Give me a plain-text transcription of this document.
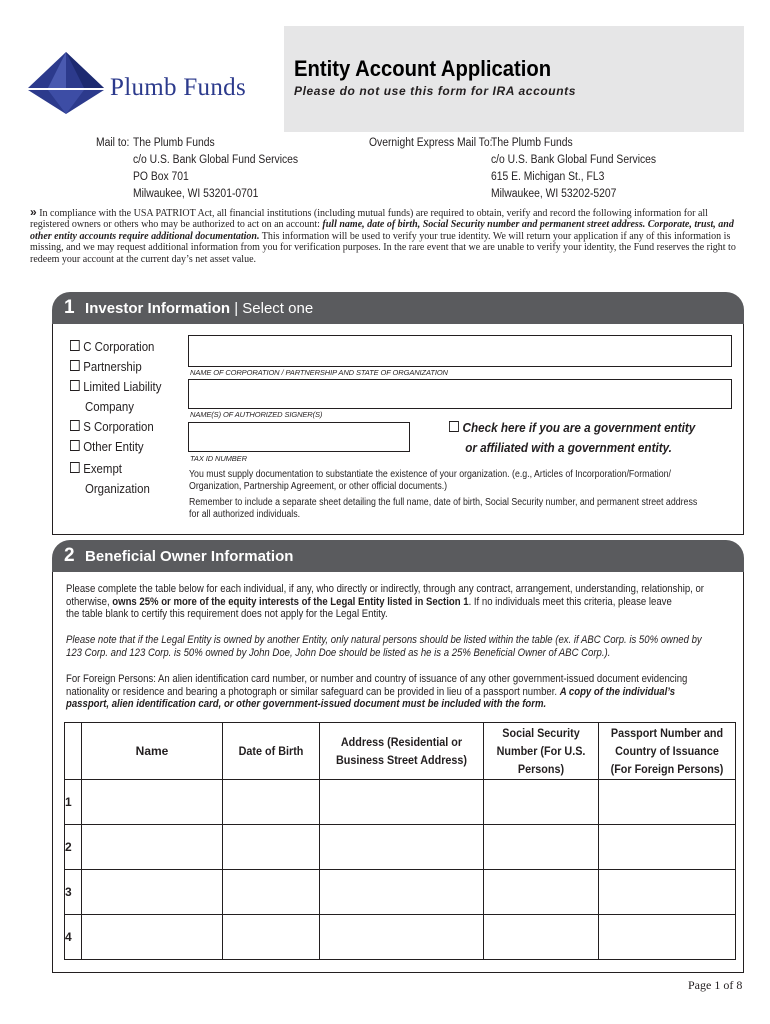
Plumb Funds
Entity Account Application
Please do not use this form for IRA accounts
Mail to: The Plumb Funds
c/o U.S. Bank Global Fund Services
PO Box 701
Milwaukee, WI 53201-0701
Overnight Express Mail To:
The Plumb Funds
c/o U.S. Bank Global Fund Services
615 E. Michigan St., FL3
Milwaukee, WI 53202-5207
» In compliance with the USA PATRIOT Act, all financial institutions (including mutual funds) are required to obtain, verify and record the following information for all registered owners or others who may be authorized to act on an account: full name, date of birth, Social Security number and permanent street address. Corporate, trust, and other entity accounts require additional documentation. This information will be used to verify your true identity. We will return your application if any of this information is missing, and we may request additional information from you for verification purposes. In the rare event that we are unable to verify your identity, the Fund reserves the right to redeem your account at the current day’s net asset value.
1 Investor Information | Select one
C Corporation
Partnership
Limited Liability
Company
S Corporation
Other Entity
Exempt
Organization
NAME OF CORPORATION / PARTNERSHIP AND STATE OF ORGANIZATION
NAME(S) OF AUTHORIZED SIGNER(S)
TAX ID NUMBER
Check here if you are a government entity
or affiliated with a government entity.
You must supply documentation to substantiate the existence of your organization. (e.g., Articles of Incorporation/Formation/
Organization, Partnership Agreement, or other official documents.)
Remember to include a separate sheet detailing the full name, date of birth, Social Security number, and permanent street address
for all authorized individuals.
2 Beneficial Owner Information
Please complete the table below for each individual, if any, who directly or indirectly, through any contract, arrangement, understanding, relationship, or
otherwise, owns 25% or more of the equity interests of the Legal Entity listed in Section 1. If no individuals meet this criteria, please leave
the table blank to certify this requirement does not apply for the Legal Entity.
Please note that if the Legal Entity is owned by another Entity, only natural persons should be listed within the table (ex. if ABC Corp. is 50% owned by
123 Corp. and 123 Corp. is 50% owned by John Doe, John Doe should be listed as he is a 25% Beneficial Owner of ABC Corp.).
For Foreign Persons: An alien identification card number, or number and country of issuance of any other government-issued document evidencing
nationality or residence and bearing a photograph or similar safeguard can be provided in lieu of a passport number. A copy of the individual’s
passport, alien identification card, or other government-issued document must be included with the form.
	Name	Date of Birth	Address (Residential or Business Street Address)	Social Security Number (For U.S. Persons)	Passport Number and Country of Issuance (For Foreign Persons)

1					
2					
3					
4					
Page 1 of 8
